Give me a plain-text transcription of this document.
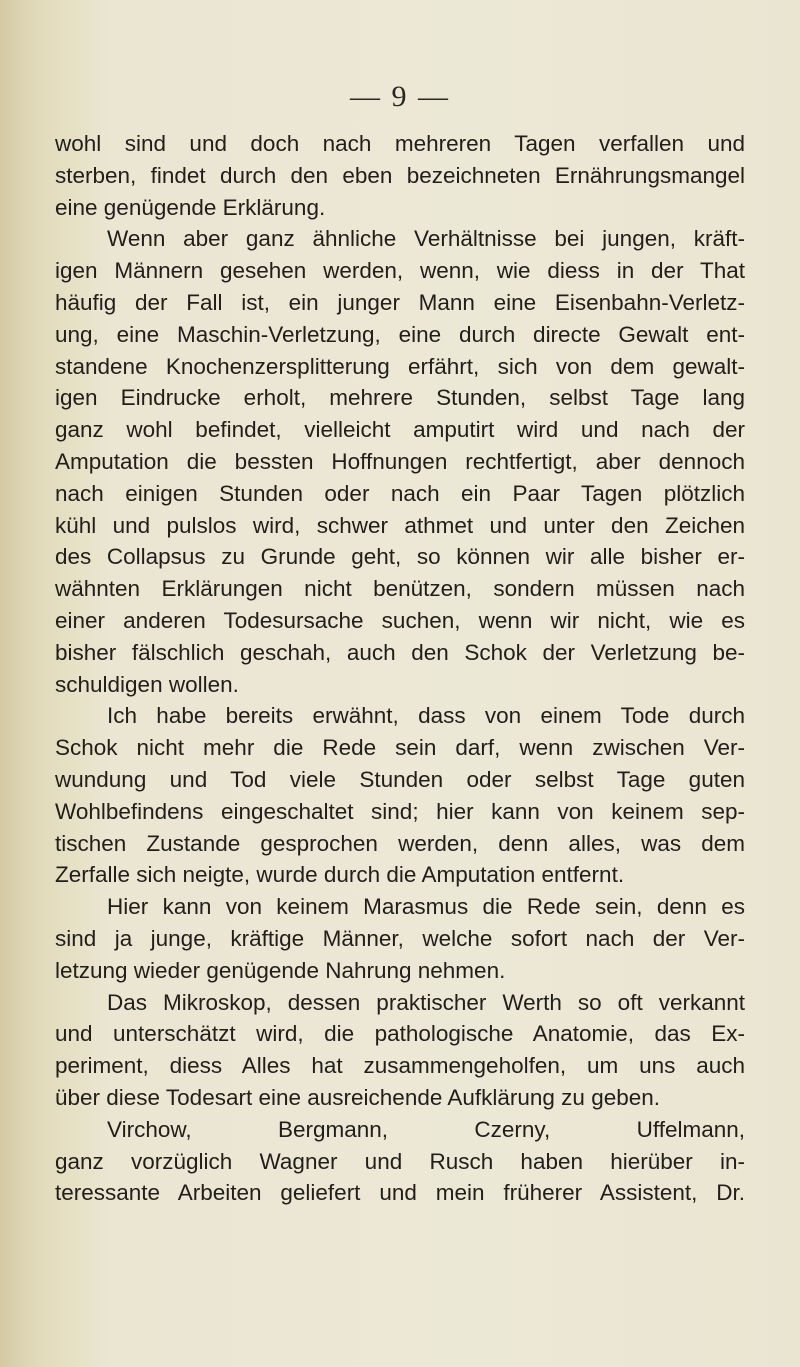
— 9 —
wohl sind und doch nach mehreren Tagen verfallen und
sterben, findet durch den eben bezeichneten Ernährungsmangel
eine genügende Erklärung.
Wenn aber ganz ähnliche Verhältnisse bei jungen, kräft-
igen Männern gesehen werden, wenn, wie diess in der That
häufig der Fall ist, ein junger Mann eine Eisenbahn-Verletz-
ung, eine Maschin-Verletzung, eine durch directe Gewalt ent-
standene Knochenzersplitterung erfährt, sich von dem gewalt-
igen Eindrucke erholt, mehrere Stunden, selbst Tage lang
ganz wohl befindet, vielleicht amputirt wird und nach der
Amputation die bessten Hoffnungen rechtfertigt, aber dennoch
nach einigen Stunden oder nach ein Paar Tagen plötzlich
kühl und pulslos wird, schwer athmet und unter den Zeichen
des Collapsus zu Grunde geht, so können wir alle bisher er-
wähnten Erklärungen nicht benützen, sondern müssen nach
einer anderen Todesursache suchen, wenn wir nicht, wie es
bisher fälschlich geschah, auch den Schok der Verletzung be-
schuldigen wollen.
Ich habe bereits erwähnt, dass von einem Tode durch
Schok nicht mehr die Rede sein darf, wenn zwischen Ver-
wundung und Tod viele Stunden oder selbst Tage guten
Wohlbefindens eingeschaltet sind; hier kann von keinem sep-
tischen Zustande gesprochen werden, denn alles, was dem
Zerfalle sich neigte, wurde durch die Amputation entfernt.
Hier kann von keinem Marasmus die Rede sein, denn es
sind ja junge, kräftige Männer, welche sofort nach der Ver-
letzung wieder genügende Nahrung nehmen.
Das Mikroskop, dessen praktischer Werth so oft verkannt
und unterschätzt wird, die pathologische Anatomie, das Ex-
periment, diess Alles hat zusammengeholfen, um uns auch
über diese Todesart eine ausreichende Aufklärung zu geben.
Virchow, Bergmann, Czerny, Uffelmann,
ganz vorzüglich Wagner und Rusch haben hierüber in-
teressante Arbeiten geliefert und mein früherer Assistent, Dr.
